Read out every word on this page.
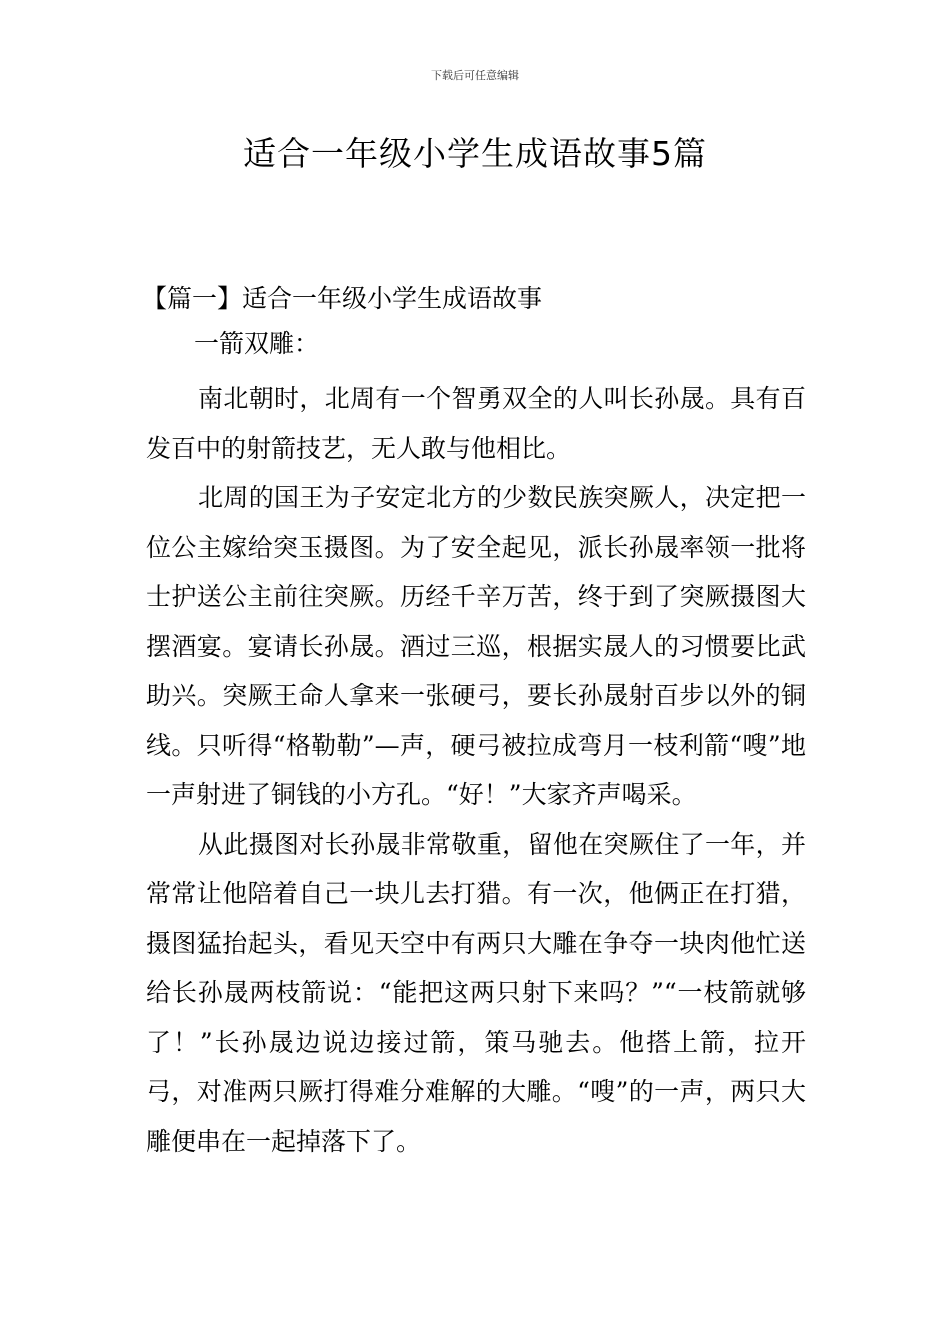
下载后可任意编辑
适合一年级小学生成语故事5篇
【篇一】适合一年级小学生成语故事
一箭双雕：

南北朝时，北周有一个智勇双全的人叫长孙晟。具有百发百中的射箭技艺，无人敢与他相比。

北周的国王为子安定北方的少数民族突厥人，决定把一位公主嫁给突玉摄图。为了安全起见，派长孙晟率领一批将士护送公主前往突厥。历经千辛万苦，终于到了突厥摄图大摆酒宴。宴请长孙晟。酒过三巡，根据实晟人的习惯要比武助兴。突厥王命人拿来一张硬弓，要长孙晟射百步以外的铜线。只听得“格勒勒”—声，硬弓被拉成弯月一枝利箭“嗖”地一声射进了铜钱的小方孔。“好！”大家齐声喝采。

从此摄图对长孙晟非常敬重，留他在突厥住了一年，并常常让他陪着自己一块儿去打猎。有一次，他俩正在打猎，摄图猛抬起头，看见天空中有两只大雕在争夺一块肉他忙送给长孙晟两枝箭说：“能把这两只射下来吗？”“一枝箭就够了！”长孙晟边说边接过箭，策马驰去。他搭上箭，拉开弓，对准两只厥打得难分难解的大雕。“嗖”的一声，两只大雕便串在一起掉落下了。
